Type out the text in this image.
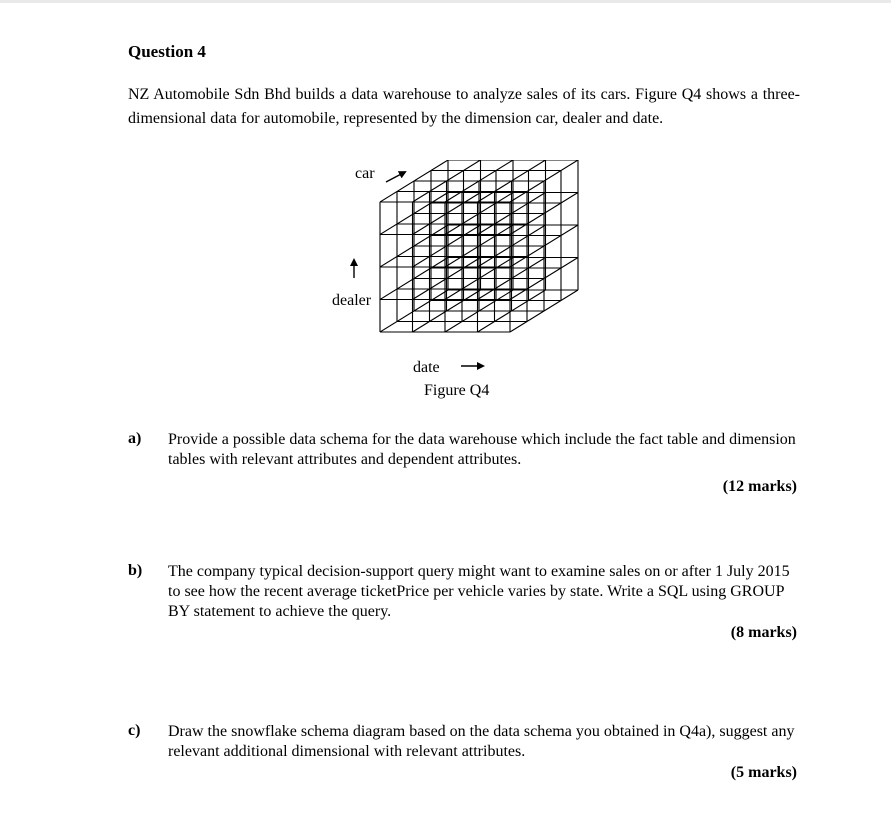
Question 4

NZ Automobile Sdn Bhd builds a data warehouse to analyze sales of its cars. Figure Q4 shows a three-dimensional data for automobile, represented by the dimension car, dealer and date.

car
dealer
date
Figure Q4
a) Provide a possible data schema for the data warehouse which include the fact table and dimension tables with relevant attributes and dependent attributes.

(12 marks)
b) The company typical decision-support query might want to examine sales on or after 1 July 2015 to see how the recent average ticketPrice per vehicle varies by state. Write a SQL using GROUP BY statement to achieve the query.

(8 marks)
c) Draw the snowflake schema diagram based on the data schema you obtained in Q4a), suggest any relevant additional dimensional with relevant attributes.

(5 marks)
